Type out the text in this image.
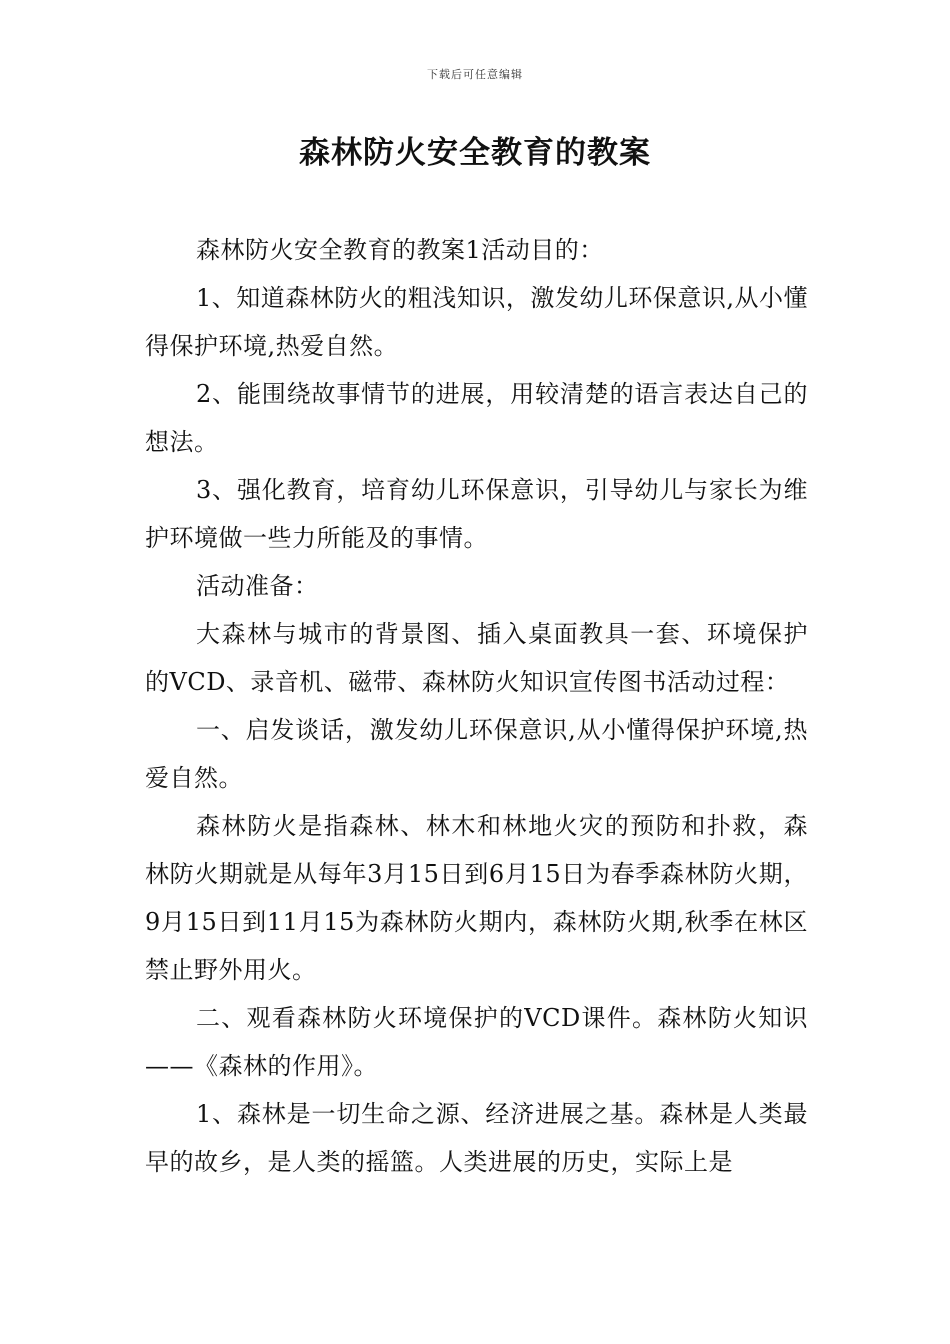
下载后可任意编辑
森林防火安全教育的教案

森林防火安全教育的教案1活动目的：

1、知道森林防火的粗浅知识，激发幼儿环保意识,从小懂得保护环境,热爱自然。

2、能围绕故事情节的进展，用较清楚的语言表达自己的想法。

3、强化教育，培育幼儿环保意识，引导幼儿与家长为维护环境做一些力所能及的事情。

活动准备：

大森林与城市的背景图、插入桌面教具一套、环境保护的VCD、录音机、磁带、森林防火知识宣传图书活动过程：

一、启发谈话，激发幼儿环保意识,从小懂得保护环境,热爱自然。

森林防火是指森林、林木和林地火灾的预防和扑救，森林防火期就是从每年3月15日到6月15日为春季森林防火期，9月15日到11月15为森林防火期内，森林防火期,秋季在林区禁止野外用火。

二、观看森林防火环境保护的VCD课件。森林防火知识——《森林的作用》。

1、森林是一切生命之源、经济进展之基。森林是人类最早的故乡，是人类的摇篮。人类进展的历史，实际上是
